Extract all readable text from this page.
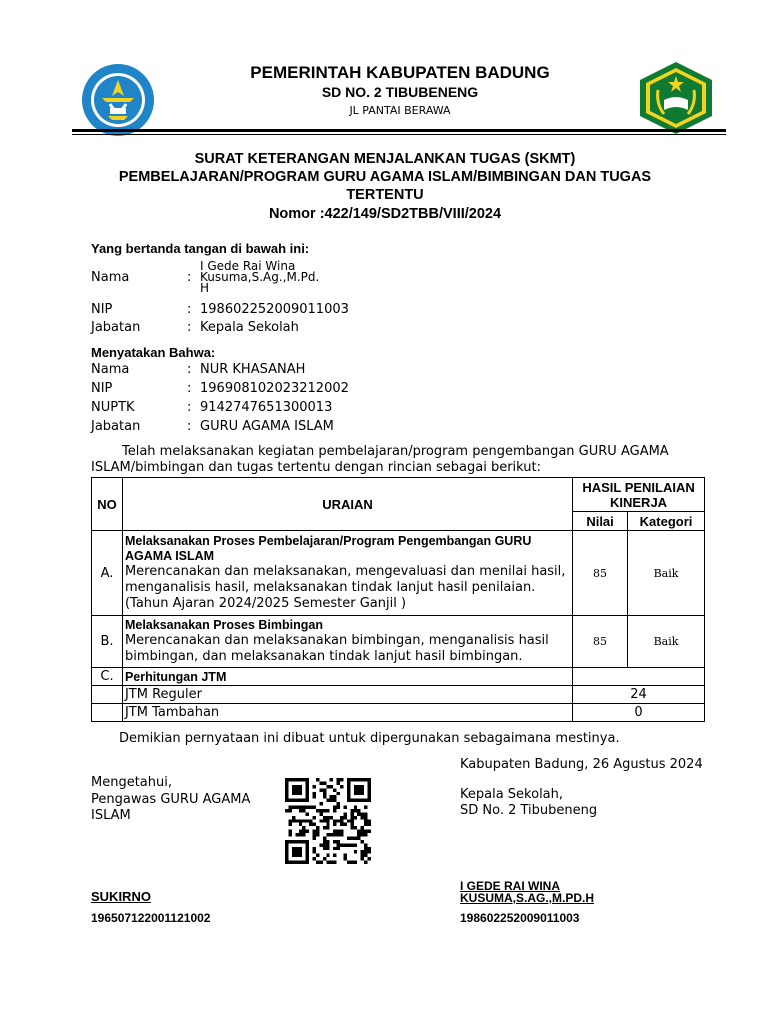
PEMERINTAH KABUPATEN BADUNG
SD NO. 2 TIBUBENENG
JL PANTAI BERAWA
SURAT KETERANGAN MENJALANKAN TUGAS (SKMT)
PEMBELAJARAN/PROGRAM GURU AGAMA ISLAM/BIMBINGAN DAN TUGAS
TERTENTU
Nomor :422/149/SD2TBB/VIII/2024
Yang bertanda tangan di bawah ini:
Nama	:
I Gede Rai Wina
Kusuma,S.Ag.,M.Pd.
H
NIP	: 198602252009011003
Jabatan	: Kepala Sekolah
Menyatakan Bahwa:
Nama	: NUR KHASANAH
NIP	: 196908102023212002
NUPTK	: 9142747651300013
Jabatan	: GURU AGAMA ISLAM
Telah melaksanakan kegiatan pembelajaran/program pengembangan GURU AGAMA
ISLAM/bimbingan dan tugas tertentu dengan rincian sebagai berikut:
NO	URAIAN	HASIL PENILAIAN KINERJA	
		Nilai	Kategori
A.	Melaksanakan Proses Pembelajaran/Program Pengembangan GURU AGAMA ISLAM
Merencanakan dan melaksanakan, mengevaluasi dan menilai hasil, menganalisis hasil, melaksanakan tindak lanjut hasil penilaian. (Tahun Ajaran 2024/2025 Semester Ganjil )	85	Baik
B.	Melaksanakan Proses Bimbingan
Merencanakan dan melaksanakan bimbingan, menganalisis hasil bimbingan, dan melaksanakan tindak lanjut hasil bimbingan.	85	Baik
C.	Perhitungan JTM		
	JTM Reguler	24	
	JTM Tambahan	0	
Demikian pernyataan ini dibuat untuk dipergunakan sebagaimana mestinya.
Kabupaten Badung, 26 Agustus 2024
Mengetahui,
Pengawas GURU AGAMA
ISLAM
SUKIRNO
196507122001121002
Kepala Sekolah,
SD No. 2 Tibubeneng
I GEDE RAI WINA
KUSUMA,S.AG.,M.PD.H
198602252009011003
